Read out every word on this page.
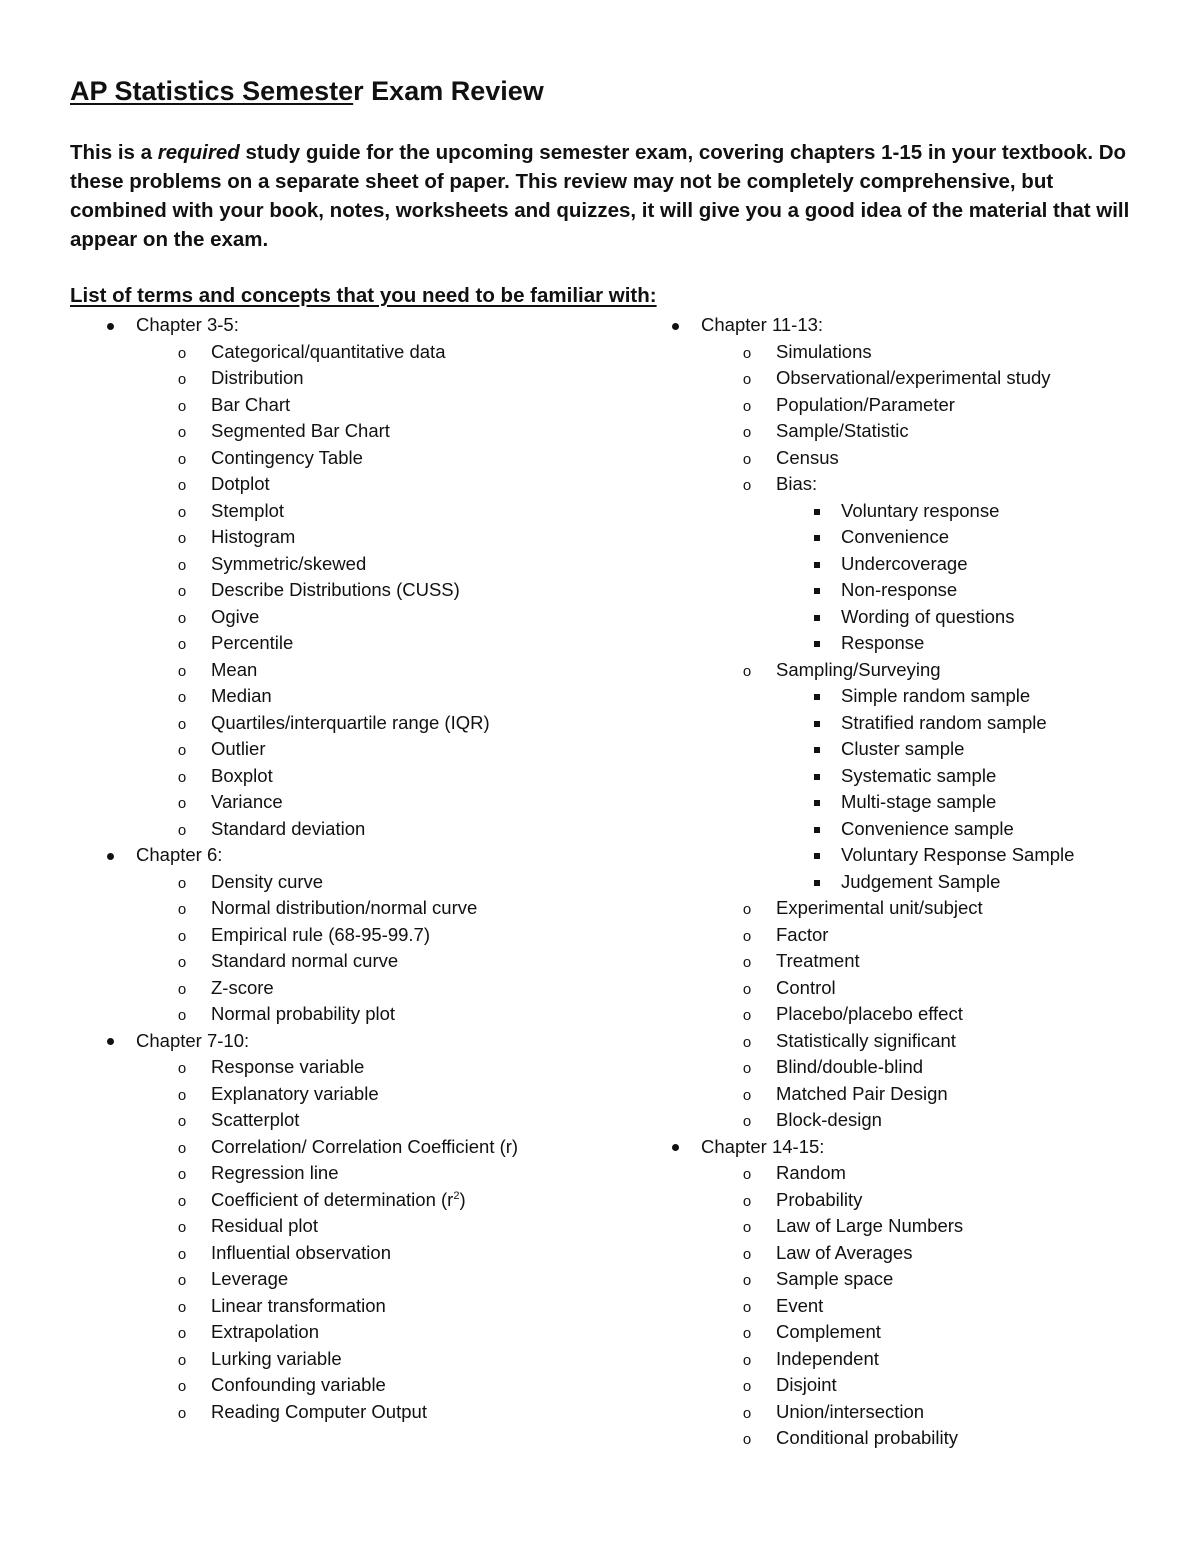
AP Statistics Semester Exam Review
This is a required study guide for the upcoming semester exam, covering chapters 1-15 in your textbook. Do these problems on a separate sheet of paper. This review may not be completely comprehensive, but combined with your book, notes, worksheets and quizzes, it will give you a good idea of the material that will appear on the exam.
List of terms and concepts that you need to be familiar with:
Chapter 3-5:
o Categorical/quantitative data
o Distribution
o Bar Chart
o Segmented Bar Chart
o Contingency Table
o Dotplot
o Stemplot
o Histogram
o Symmetric/skewed
o Describe Distributions (CUSS)
o Ogive
o Percentile
o Mean
o Median
o Quartiles/interquartile range (IQR)
o Outlier
o Boxplot
o Variance
o Standard deviation
Chapter 6:
o Density curve
o Normal distribution/normal curve
o Empirical rule (68-95-99.7)
o Standard normal curve
o Z-score
o Normal probability plot
Chapter 7-10:
o Response variable
o Explanatory variable
o Scatterplot
o Correlation/ Correlation Coefficient (r)
o Regression line
o Coefficient of determination $(r^2)$
o Residual plot
o Influential observation
o Leverage
o Linear transformation
o Extrapolation
o Lurking variable
o Confounding variable
o Reading Computer Output
Chapter 11-13:
o Simulations
o Observational/experimental study
o Population/Parameter
o Sample/Statistic
o Census
o Bias:
Voluntary response
Convenience
Undercoverage
Non-response
Wording of questions
Response
o Sampling/Surveying
Simple random sample
Stratified random sample
Cluster sample
Systematic sample
Multi-stage sample
Convenience sample
Voluntary Response Sample
Judgement Sample
o Experimental unit/subject
o Factor
o Treatment
o Control
o Placebo/placebo effect
o Statistically significant
o Blind/double-blind
o Matched Pair Design
o Block-design
Chapter 14-15:
o Random
o Probability
o Law of Large Numbers
o Law of Averages
o Sample space
o Event
o Complement
o Independent
o Disjoint
o Union/intersection
o Conditional probability
